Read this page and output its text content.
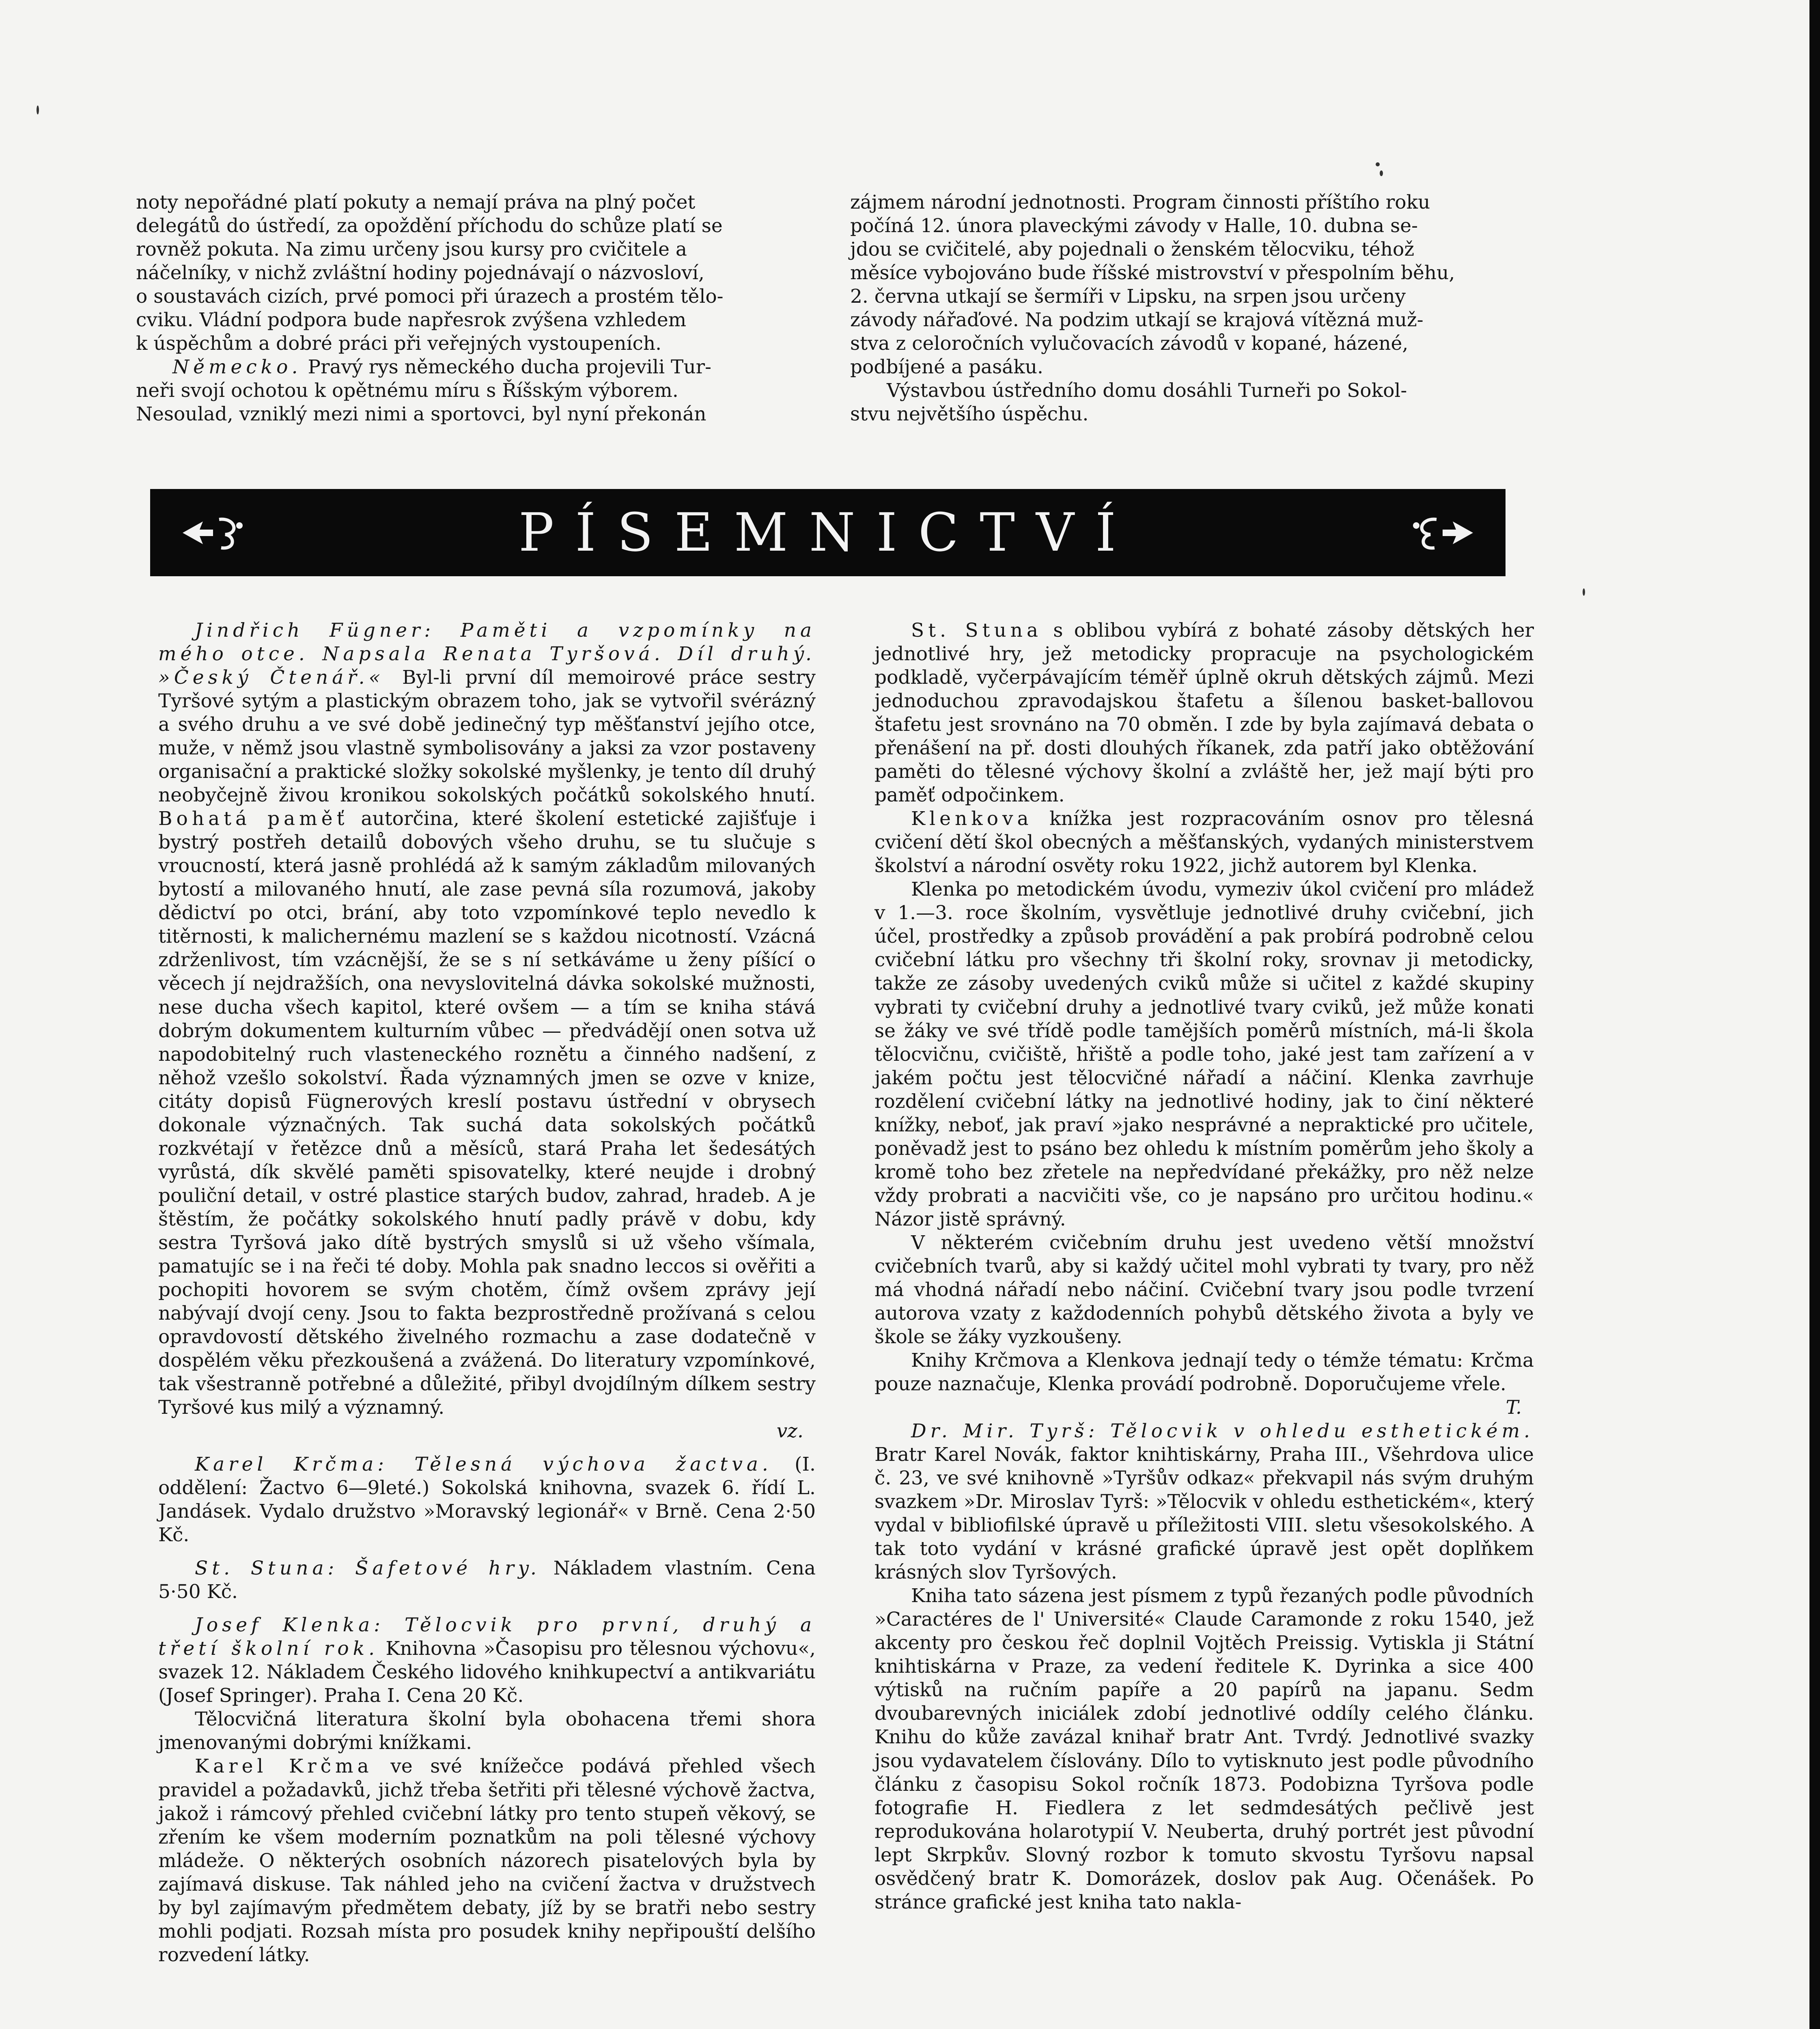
noty nepořádné platí pokuty a nemají práva na plný počet
delegátů do ústředí, za opoždění příchodu do schůze platí se
rovněž pokuta. Na zimu určeny jsou kursy pro cvičitele a
náčelníky, v nichž zvláštní hodiny pojednávají o názvosloví,
o soustavách cizích, prvé pomoci při úrazech a prostém tělo-
cviku. Vládní podpora bude napřesrok zvýšena vzhledem
k úspěchům a dobré práci při veřejných vystoupeních.
Německo. Pravý rys německého ducha projevili Tur-
neři svojí ochotou k opětnému míru s Říšským výborem.
Nesoulad, vzniklý mezi nimi a sportovci, byl nyní překonán
zájmem národní jednotnosti. Program činnosti příštího roku
počíná 12. února plaveckými závody v Halle, 10. dubna se-
jdou se cvičitelé, aby pojednali o ženském tělocviku, téhož
měsíce vybojováno bude říšské mistrovství v přespolním běhu,
2. června utkají se šermíři v Lipsku, na srpen jsou určeny
závody nářaďové. Na podzim utkají se krajová vítězná muž-
stva z celoročních vylučovacích závodů v kopané, házené,
podbíjené a pasáku.
Výstavbou ústředního domu dosáhli Turneři po Sokol-
stvu největšího úspěchu.
PÍSEMNICTVÍ

Jindřich Fügner: Paměti a vzpomínky na mého otce. Napsala Renata Tyršová. Díl druhý. »Český Čtenář.« Byl-li první díl memoirové práce sestry Tyršové sytým a plastickým obrazem toho, jak se vytvořil svérázný a svého druhu a ve své době jedinečný typ měšťanství jejího otce, muže, v němž jsou vlastně symbolisovány a jaksi za vzor postaveny organisační a praktické složky sokolské myšlenky, je tento díl druhý neobyčejně živou kronikou sokolských počátků sokolského hnutí. Bohatá paměť autorčina, které školení estetické zajišťuje i bystrý postřeh detailů dobových všeho druhu, se tu slučuje s vroucností, která jasně prohlédá až k samým základům milovaných bytostí a milovaného hnutí, ale zase pevná síla rozumová, jakoby dědictví po otci, brání, aby toto vzpomínkové teplo nevedlo k titěrnosti, k malichernému mazlení se s každou nicotností. Vzácná zdrženlivost, tím vzácnější, že se s ní setkáváme u ženy píšící o věcech jí nejdražších, ona nevyslovitelná dávka sokolské mužnosti, nese ducha všech kapitol, které ovšem — a tím se kniha stává dobrým dokumentem kulturním vůbec — předvádějí onen sotva už napodobitelný ruch vlasteneckého roznětu a činného nadšení, z něhož vzešlo sokolství. Řada významných jmen se ozve v knize, citáty dopisů Fügnerových kreslí postavu ústřední v obrysech dokonale význačných. Tak suchá data sokolských počátků rozkvétají v řetězce dnů a měsíců, stará Praha let šedesátých vyrůstá, dík skvělé paměti spisovatelky, které neujde i drobný pouliční detail, v ostré plastice starých budov, zahrad, hradeb. A je štěstím, že počátky sokolského hnutí padly právě v dobu, kdy sestra Tyršová jako dítě bystrých smyslů si už všeho všímala, pamatujíc se i na řeči té doby. Mohla pak snadno leccos si ověřiti a pochopiti hovorem se svým chotěm, čímž ovšem zprávy její nabývají dvojí ceny. Jsou to fakta bezprostředně prožívaná s celou opravdovostí dětského živelného rozmachu a zase dodatečně v dospělém věku přezkoušená a zvážená. Do literatury vzpomínkové, tak všestranně potřebné a důležité, přibyl dvojdílným dílkem sestry Tyršové kus milý a významný.

vz.

Karel Krčma: Tělesná výchova žactva. (I. oddělení: Žactvo 6—9leté.) Sokolská knihovna, svazek 6. řídí L. Jandásek. Vydalo družstvo »Moravský legionář« v Brně. Cena 2·50 Kč.

St. Stuna: Šafetové hry. Nákladem vlastním. Cena 5·50 Kč.

Josef Klenka: Tělocvik pro první, druhý a třetí školní rok. Knihovna »Časopisu pro tělesnou výchovu«, svazek 12. Nákladem Českého lidového knihkupectví a antikvariátu (Josef Springer). Praha I. Cena 20 Kč.

Tělocvičná literatura školní byla obohacena třemi shora jmenovanými dobrými knížkami.

Karel Krčma ve své knížečce podává přehled všech pravidel a požadavků, jichž třeba šetřiti při tělesné výchově žactva, jakož i rámcový přehled cvičební látky pro tento stupeň věkový, se zřením ke všem moderním poznatkům na poli tělesné výchovy mládeže. O některých osobních názorech pisatelových byla by zajímavá diskuse. Tak náhled jeho na cvičení žactva v družstvech by byl zajímavým předmětem debaty, jíž by se bratři nebo sestry mohli podjati. Rozsah místa pro posudek knihy nepřipouští delšího rozvedení látky.

St. Stuna s oblibou vybírá z bohaté zásoby dětských her jednotlivé hry, jež metodicky propracuje na psychologickém podkladě, vyčerpávajícím téměř úplně okruh dětských zájmů. Mezi jednoduchou zpravodajskou štafetu a šílenou basket-ballovou štafetu jest srovnáno na 70 obměn. I zde by byla zajímavá debata o přenášení na př. dosti dlouhých říkanek, zda patří jako obtěžování paměti do tělesné výchovy školní a zvláště her, jež mají býti pro paměť odpočinkem.

Klenkova knížka jest rozpracováním osnov pro tělesná cvičení dětí škol obecných a měšťanských, vydaných ministerstvem školství a národní osvěty roku 1922, jichž autorem byl Klenka.

Klenka po metodickém úvodu, vymeziv úkol cvičení pro mládež v 1.—3. roce školním, vysvětluje jednotlivé druhy cvičební, jich účel, prostředky a způsob provádění a pak probírá podrobně celou cvičební látku pro všechny tři školní roky, srovnav ji metodicky, takže ze zásoby uvedených cviků může si učitel z každé skupiny vybrati ty cvičební druhy a jednotlivé tvary cviků, jež může konati se žáky ve své třídě podle tamějších poměrů místních, má-li škola tělocvičnu, cvičiště, hřiště a podle toho, jaké jest tam zařízení a v jakém počtu jest tělocvičné nářadí a náčiní. Klenka zavrhuje rozdělení cvičební látky na jednotlivé hodiny, jak to činí některé knížky, neboť, jak praví »jako nesprávné a nepraktické pro učitele, poněvadž jest to psáno bez ohledu k místním poměrům jeho školy a kromě toho bez zřetele na nepředvídané překážky, pro něž nelze vždy probrati a nacvičiti vše, co je napsáno pro určitou hodinu.« Názor jistě správný.

V některém cvičebním druhu jest uvedeno větší množství cvičebních tvarů, aby si každý učitel mohl vybrati ty tvary, pro něž má vhodná nářadí nebo náčiní. Cvičební tvary jsou podle tvrzení autorova vzaty z každodenních pohybů dětského života a byly ve škole se žáky vyzkoušeny.

Knihy Krčmova a Klenkova jednají tedy o témže tématu: Krčma pouze naznačuje, Klenka provádí podrobně. Doporučujeme vřele.

T.

Dr. Mir. Tyrš: Tělocvik v ohledu esthetickém. Bratr Karel Novák, faktor knihtiskárny, Praha III., Všehrdova ulice č. 23, ve své knihovně »Tyršův odkaz« překvapil nás svým druhým svazkem »Dr. Miroslav Tyrš: »Tělocvik v ohledu esthetickém«, který vydal v bibliofilské úpravě u příležitosti VIII. sletu všesokolského. A tak toto vydání v krásné grafické úpravě jest opět doplňkem krásných slov Tyršových.

Kniha tato sázena jest písmem z typů řezaných podle původních »Caractéres de l' Université« Claude Caramonde z roku 1540, jež akcenty pro českou řeč doplnil Vojtěch Preissig. Vytiskla ji Státní knihtiskárna v Praze, za vedení ředitele K. Dyrinka a sice 400 výtisků na ručním papíře a 20 papírů na japanu. Sedm dvoubarevných iniciálek zdobí jednotlivé oddíly celého článku. Knihu do kůže zavázal knihař bratr Ant. Tvrdý. Jednotlivé svazky jsou vydavatelem číslovány. Dílo to vytisknuto jest podle původního článku z časopisu Sokol ročník 1873. Podobizna Tyršova podle fotografie H. Fiedlera z let sedmdesátých pečlivě jest reprodukována holarotypií V. Neuberta, druhý portrét jest původní lept Skrpkův. Slovný rozbor k tomuto skvostu Tyršovu napsal osvědčený bratr K. Domorázek, doslov pak Aug. Očenášek. Po stránce grafické jest kniha tato nakla-
